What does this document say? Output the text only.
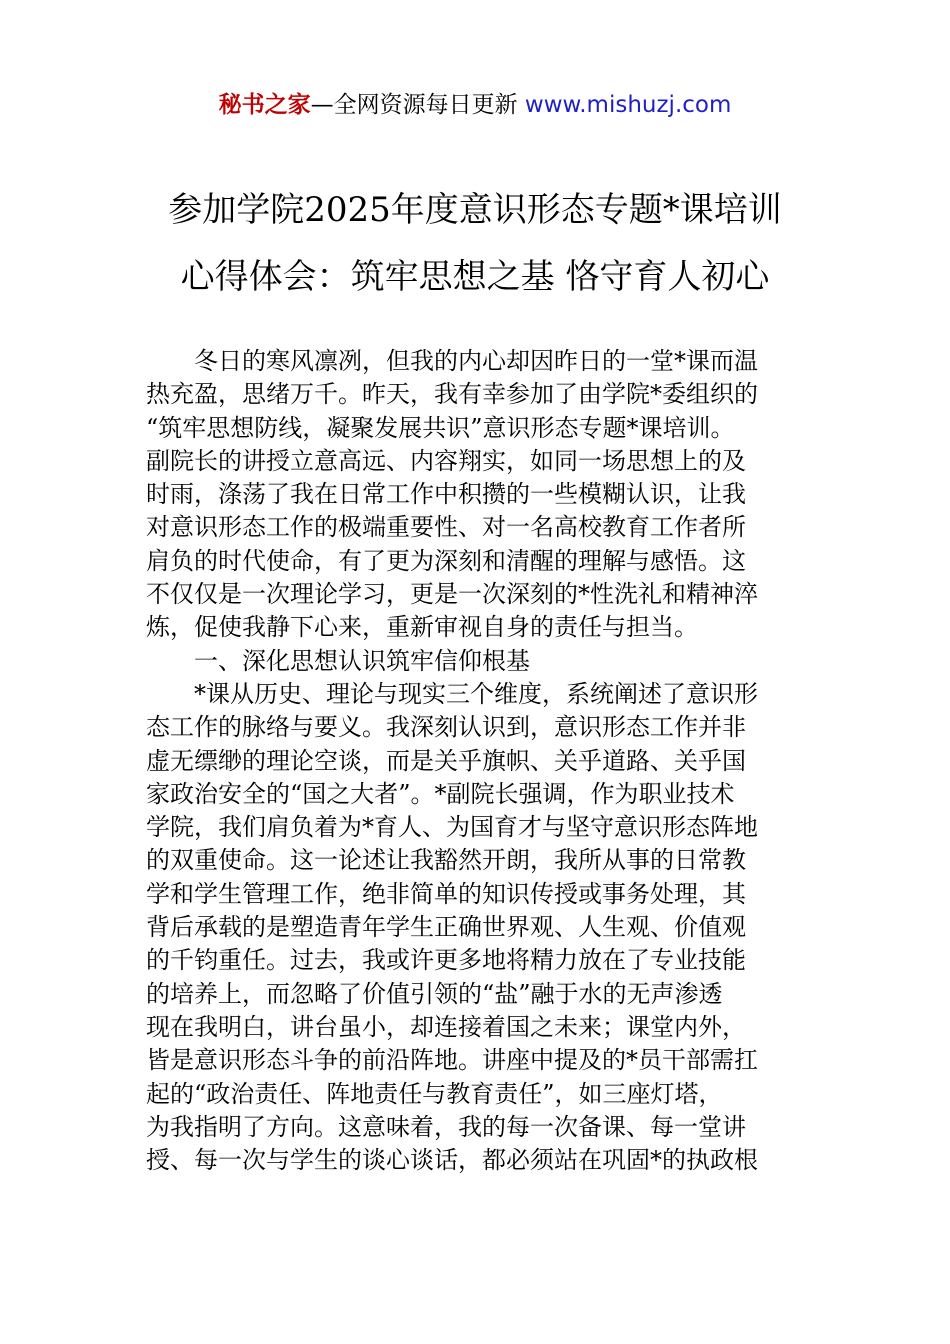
秘书之家—全网资源每日更新 www.mishuzj.com
参加学院2025年度意识形态专题*课培训
心得体会：筑牢思想之基 恪守育人初心
冬日的寒风凛冽，但我的内心却因昨日的一堂*课而温
热充盈，思绪万千。昨天，我有幸参加了由学院*委组织的
“筑牢思想防线，凝聚发展共识”意识形态专题*课培训。
副院长的讲授立意高远、内容翔实，如同一场思想上的及
时雨，涤荡了我在日常工作中积攒的一些模糊认识，让我
对意识形态工作的极端重要性、对一名高校教育工作者所
肩负的时代使命，有了更为深刻和清醒的理解与感悟。这
不仅仅是一次理论学习，更是一次深刻的*性洗礼和精神淬
炼，促使我静下心来，重新审视自身的责任与担当。
一、深化思想认识筑牢信仰根基
*课从历史、理论与现实三个维度，系统阐述了意识形
态工作的脉络与要义。我深刻认识到，意识形态工作并非
虚无缥缈的理论空谈，而是关乎旗帜、关乎道路、关乎国
家政治安全的“国之大者”。*副院长强调，作为职业技术
学院，我们肩负着为*育人、为国育才与坚守意识形态阵地
的双重使命。这一论述让我豁然开朗，我所从事的日常教
学和学生管理工作，绝非简单的知识传授或事务处理，其
背后承载的是塑造青年学生正确世界观、人生观、价值观
的千钧重任。过去，我或许更多地将精力放在了专业技能
的培养上，而忽略了价值引领的“盐”融于水的无声渗透
现在我明白，讲台虽小，却连接着国之未来；课堂内外，
皆是意识形态斗争的前沿阵地。讲座中提及的*员干部需扛
起的“政治责任、阵地责任与教育责任”，如三座灯塔，
为我指明了方向。这意味着，我的每一次备课、每一堂讲
授、每一次与学生的谈心谈话，都必须站在巩固*的执政根
